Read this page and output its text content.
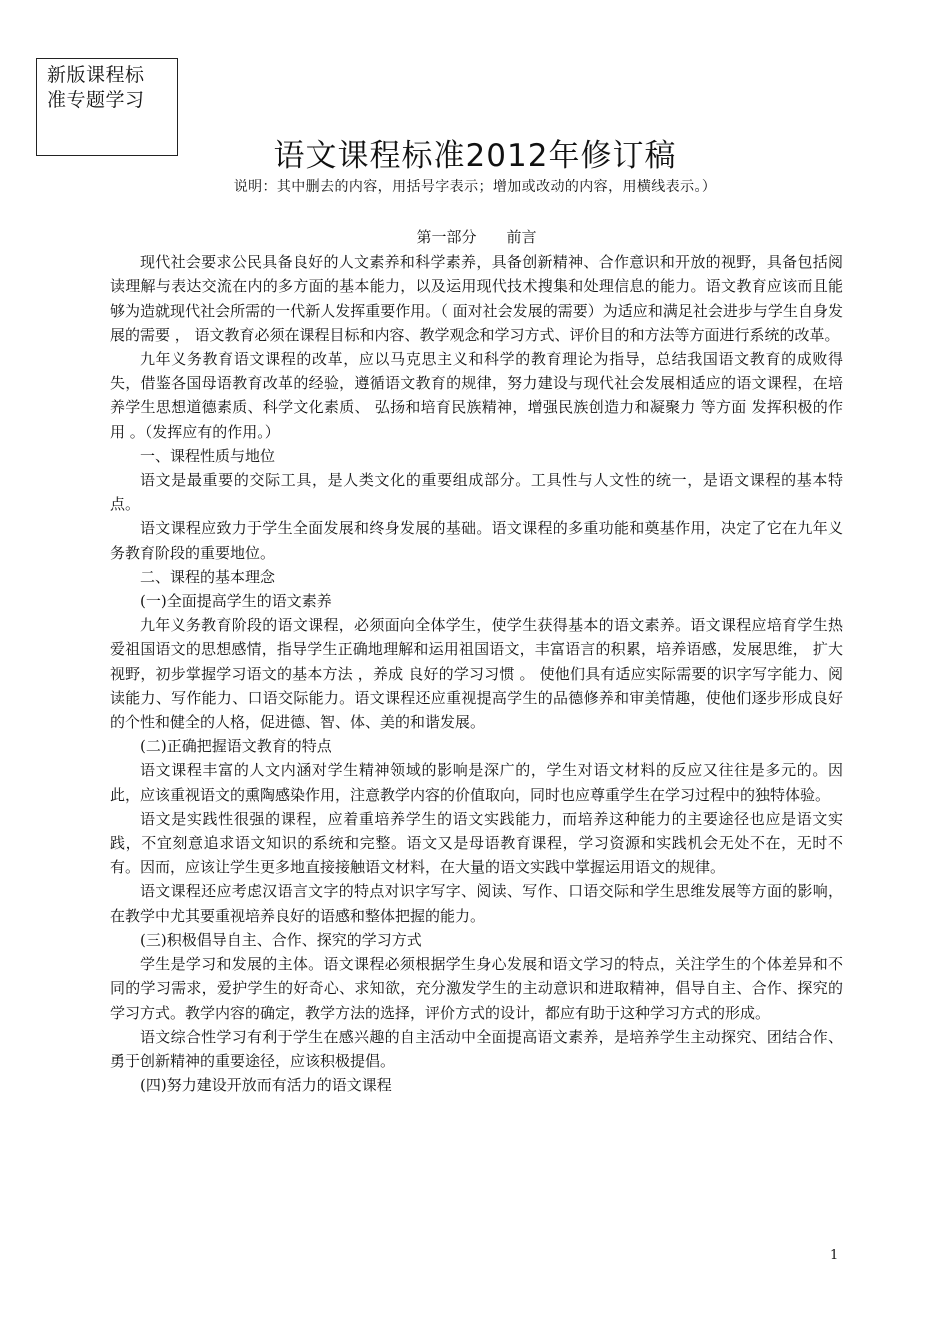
新版课程标
准专题学习
语文课程标准2012年修订稿
说明：其中删去的内容，用括号字表示；增加或改动的内容，用横线表示。）

第一部分　　前言

现代社会要求公民具备良好的人文素养和科学素养，具备创新精神、合作意识和开放的视野，具备包括阅读理解与表达交流在内的多方面的基本能力，以及运用现代技术搜集和处理信息的能力。语文教育应该而且能够为造就现代社会所需的一代新人发挥重要作用。（ 面对社会发展的需要）为适应和满足社会进步与学生自身发展的需要 ， 语文教育必须在课程目标和内容、教学观念和学习方式、评价目的和方法等方面进行系统的改革。

九年义务教育语文课程的改革，应以马克思主义和科学的教育理论为指导，总结我国语文教育的成败得失，借鉴各国母语教育改革的经验，遵循语文教育的规律，努力建设与现代社会发展相适应的语文课程，在培养学生思想道德素质、科学文化素质、 弘扬和培育民族精神，增强民族创造力和凝聚力 等方面 发挥积极的作用 。（发挥应有的作用。）

一、课程性质与地位

语文是最重要的交际工具，是人类文化的重要组成部分。工具性与人文性的统一，是语文课程的基本特点。

语文课程应致力于学生全面发展和终身发展的基础。语文课程的多重功能和奠基作用，决定了它在九年义务教育阶段的重要地位。

二、课程的基本理念

(一)全面提高学生的语文素养

九年义务教育阶段的语文课程，必须面向全体学生，使学生获得基本的语文素养。语文课程应培育学生热爱祖国语文的思想感情，指导学生正确地理解和运用祖国语文，丰富语言的积累，培养语感，发展思维， 扩大视野，初步掌握学习语文的基本方法 ，养成 良好的学习习惯 。 使他们具有适应实际需要的识字写字能力、阅读能力、写作能力、口语交际能力。语文课程还应重视提高学生的品德修养和审美情趣，使他们逐步形成良好的个性和健全的人格，促进德、智、体、美的和谐发展。

(二)正确把握语文教育的特点

语文课程丰富的人文内涵对学生精神领域的影响是深广的，学生对语文材料的反应又往往是多元的。因此，应该重视语文的熏陶感染作用，注意教学内容的价值取向，同时也应尊重学生在学习过程中的独特体验。

语文是实践性很强的课程，应着重培养学生的语文实践能力，而培养这种能力的主要途径也应是语文实践，不宜刻意追求语文知识的系统和完整。语文又是母语教育课程，学习资源和实践机会无处不在，无时不有。因而，应该让学生更多地直接接触语文材料，在大量的语文实践中掌握运用语文的规律。

语文课程还应考虑汉语言文字的特点对识字写字、阅读、写作、口语交际和学生思维发展等方面的影响，在教学中尤其要重视培养良好的语感和整体把握的能力。

(三)积极倡导自主、合作、探究的学习方式

学生是学习和发展的主体。语文课程必须根据学生身心发展和语文学习的特点，关注学生的个体差异和不同的学习需求，爱护学生的好奇心、求知欲，充分激发学生的主动意识和进取精神，倡导自主、合作、探究的学习方式。教学内容的确定，教学方法的选择，评价方式的设计，都应有助于这种学习方式的形成。

语文综合性学习有利于学生在感兴趣的自主活动中全面提高语文素养，是培养学生主动探究、团结合作、勇于创新精神的重要途径，应该积极提倡。

(四)努力建设开放而有活力的语文课程

1
